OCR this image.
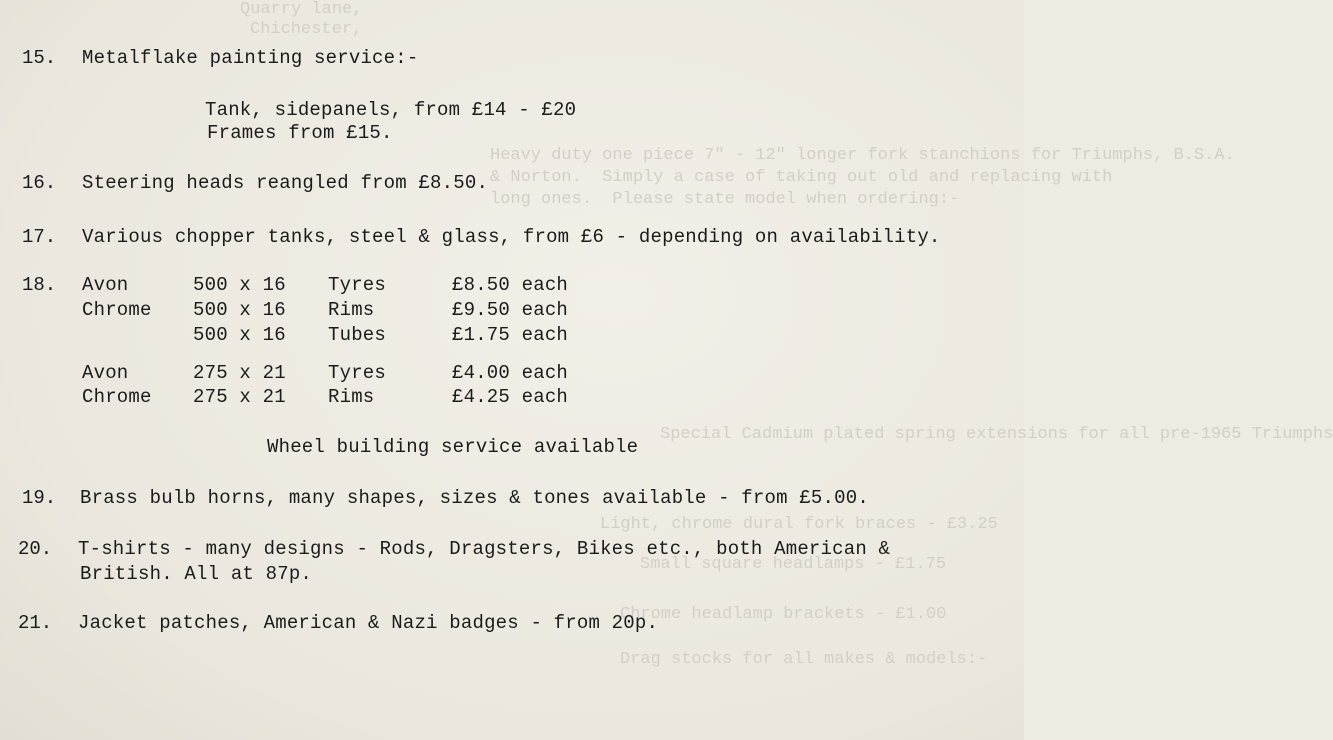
Quarry lane,
Chichester,
Heavy duty one piece 7" - 12" longer fork stanchions for Triumphs, B.S.A.
& Norton.  Simply a case of taking out old and replacing with
long ones.  Please state model when ordering:-
Special Cadmium plated spring extensions for all pre-1965 Triumphs
Light, chrome dural fork braces - £3.25
Small square headlamps - £1.75
Chrome headlamp brackets - £1.00
Drag stocks for all makes & models:-
15. Metalflake painting service:-
Tank, sidepanels, from £14 - £20
Frames from £15.
16. Steering heads reangled from £8.50.
17. Various chopper tanks, steel & glass, from £6 - depending on availability.
18. Avon	500 x 16 Tyres	£8.50 each
Chrome 500 x 16 Rims	£9.50 each
500 x 16 Tubes	£1.75 each
Avon	275 x 21 Tyres	£4.00 each
Chrome 275 x 21 Rims	£4.25 each
Wheel building service available
19. Brass bulb horns, many shapes, sizes & tones available - from £5.00.
20. T-shirts - many designs - Rods, Dragsters, Bikes etc., both American &
British. All at 87p.
21. Jacket patches, American & Nazi badges - from 20p.
